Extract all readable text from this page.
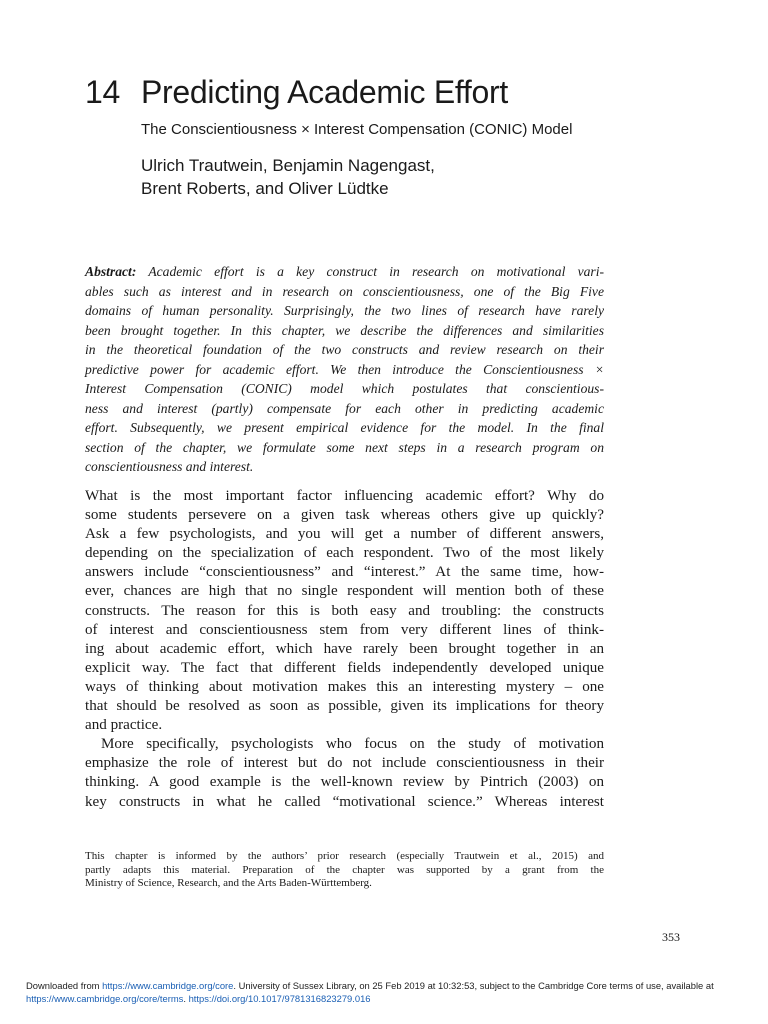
14 Predicting Academic Effort
The Conscientiousness × Interest Compensation (CONIC) Model
Ulrich Trautwein, Benjamin Nagengast,
Brent Roberts, and Oliver Lüdtke
Abstract: Academic effort is a key construct in research on motivational vari-
ables such as interest and in research on conscientiousness, one of the Big Five
domains of human personality. Surprisingly, the two lines of research have rarely
been brought together. In this chapter, we describe the differences and similarities
in the theoretical foundation of the two constructs and review research on their
predictive power for academic effort. We then introduce the Conscientiousness ×
Interest Compensation (CONIC) model which postulates that conscientious-
ness and interest (partly) compensate for each other in predicting academic
effort. Subsequently, we present empirical evidence for the model. In the final
section of the chapter, we formulate some next steps in a research program on
conscientiousness and interest.
What is the most important factor influencing academic effort? Why do
some students persevere on a given task whereas others give up quickly?
Ask a few psychologists, and you will get a number of different answers,
depending on the specialization of each respondent. Two of the most likely
answers include “conscientiousness” and “interest.” At the same time, how-
ever, chances are high that no single respondent will mention both of these
constructs. The reason for this is both easy and troubling: the constructs
of interest and conscientiousness stem from very different lines of think-
ing about academic effort, which have rarely been brought together in an
explicit way. The fact that different fields independently developed unique
ways of thinking about motivation makes this an interesting mystery – one
that should be resolved as soon as possible, given its implications for theory
and practice.
More specifically, psychologists who focus on the study of motivation
emphasize the role of interest but do not include conscientiousness in their
thinking. A good example is the well-known review by Pintrich (2003) on
key constructs in what he called “motivational science.” Whereas interest
This chapter is informed by the authors’ prior research (especially Trautwein et al., 2015) and
partly adapts this material. Preparation of the chapter was supported by a grant from the
Ministry of Science, Research, and the Arts Baden-Württemberg.
353
Downloaded from https://www.cambridge.org/core. University of Sussex Library, on 25 Feb 2019 at 10:32:53, subject to the Cambridge Core terms of use, available at
https://www.cambridge.org/core/terms. https://doi.org/10.1017/9781316823279.016
